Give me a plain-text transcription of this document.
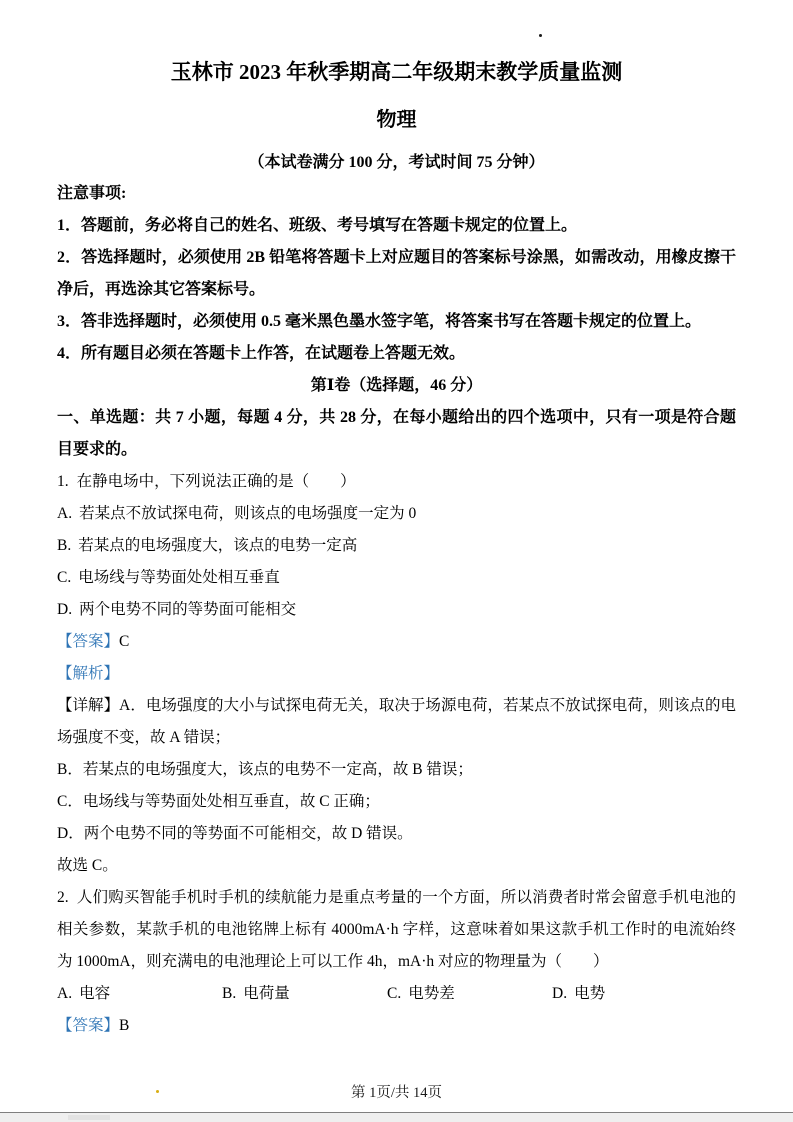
玉林市 2023 年秋季期高二年级期末教学质量监测
物理
（本试卷满分 100 分，考试时间 75 分钟）
注意事项:

1．答题前，务必将自己的姓名、班级、考号填写在答题卡规定的位置上。

2．答选择题时，必须使用 2B 铅笔将答题卡上对应题目的答案标号涂黑，如需改动，用橡皮擦干净后，再选涂其它答案标号。

3．答非选择题时，必须使用 0.5 毫米黑色墨水签字笔，将答案书写在答题卡规定的位置上。

4．所有题目必须在答题卡上作答，在试题卷上答题无效。

第Ⅰ卷（选择题，46 分）

一、单选题：共 7 小题，每题 4 分，共 28 分，在每小题给出的四个选项中，只有一项是符合题目要求的。

1. 在静电场中，下列说法正确的是（　　）

A. 若某点不放试探电荷，则该点的电场强度一定为 0

B. 若某点的电场强度大，该点的电势一定高

C. 电场线与等势面处处相互垂直

D. 两个电势不同的等势面可能相交

【答案】C

【解析】

【详解】A．电场强度的大小与试探电荷无关，取决于场源电荷，若某点不放试探电荷，则该点的电场强度不变，故 A 错误；

B．若某点的电场强度大，该点的电势不一定高，故 B 错误；

C．电场线与等势面处处相互垂直，故 C 正确；

D．两个电势不同的等势面不可能相交，故 D 错误。

故选 C。

2. 人们购买智能手机时手机的续航能力是重点考量的一个方面，所以消费者时常会留意手机电池的相关参数，某款手机的电池铭牌上标有 4000mA·h 字样，这意味着如果这款手机工作时的电流始终为 1000mA，则充满电的电池理论上可以工作 4h，mA·h 对应的物理量为（　　）

A. 电容	B. 电荷量	C. 电势差	D. 电势

【答案】B

第 1页/共 14页
